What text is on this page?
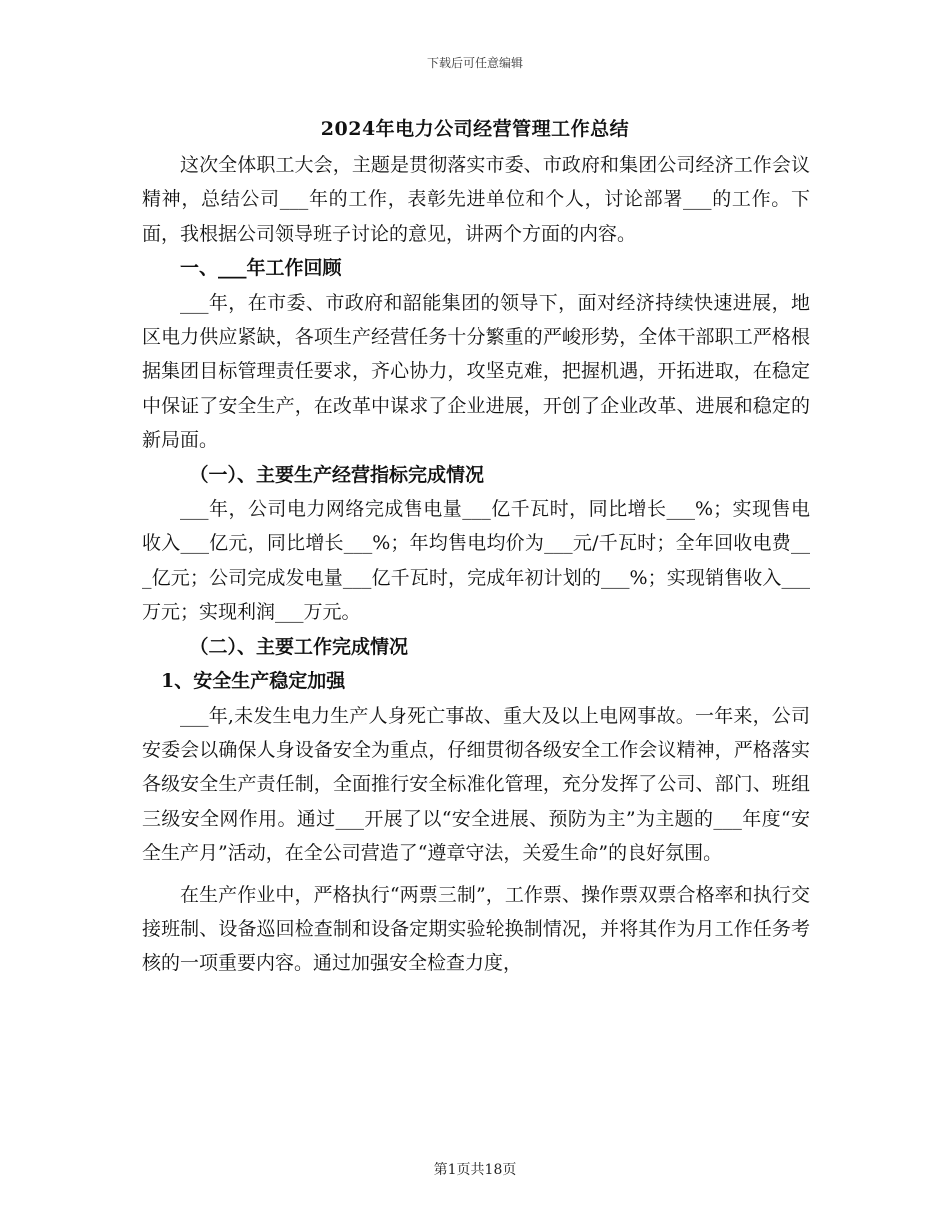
下载后可任意编辑
2024年电力公司经营管理工作总结

这次全体职工大会，主题是贯彻落实市委、市政府和集团公司经济工作会议精神，总结公司___年的工作，表彰先进单位和个人，讨论部署___的工作。下面，我根据公司领导班子讨论的意见，讲两个方面的内容。

一、___年工作回顾

___年，在市委、市政府和韶能集团的领导下，面对经济持续快速进展，地区电力供应紧缺，各项生产经营任务十分繁重的严峻形势，全体干部职工严格根据集团目标管理责任要求，齐心协力，攻坚克难，把握机遇，开拓进取，在稳定中保证了安全生产，在改革中谋求了企业进展，开创了企业改革、进展和稳定的新局面。

（一）、主要生产经营指标完成情况

___年，公司电力网络完成售电量___亿千瓦时，同比增长___%；实现售电收入___亿元，同比增长___%；年均售电均价为___元/千瓦时；全年回收电费___亿元；公司完成发电量___亿千瓦时，完成年初计划的___%；实现销售收入___万元；实现利润___万元。

（二）、主要工作完成情况

1、安全生产稳定加强

___年,未发生电力生产人身死亡事故、重大及以上电网事故。一年来，公司安委会以确保人身设备安全为重点，仔细贯彻各级安全工作会议精神，严格落实各级安全生产责任制，全面推行安全标准化管理，充分发挥了公司、部门、班组三级安全网作用。通过___开展了以“安全进展、预防为主”为主题的___年度“安全生产月”活动，在全公司营造了“遵章守法，关爱生命”的良好氛围。

在生产作业中，严格执行“两票三制”，工作票、操作票双票合格率和执行交接班制、设备巡回检查制和设备定期实验轮换制情况，并将其作为月工作任务考核的一项重要内容。通过加强安全检查力度，

第1页共18页
